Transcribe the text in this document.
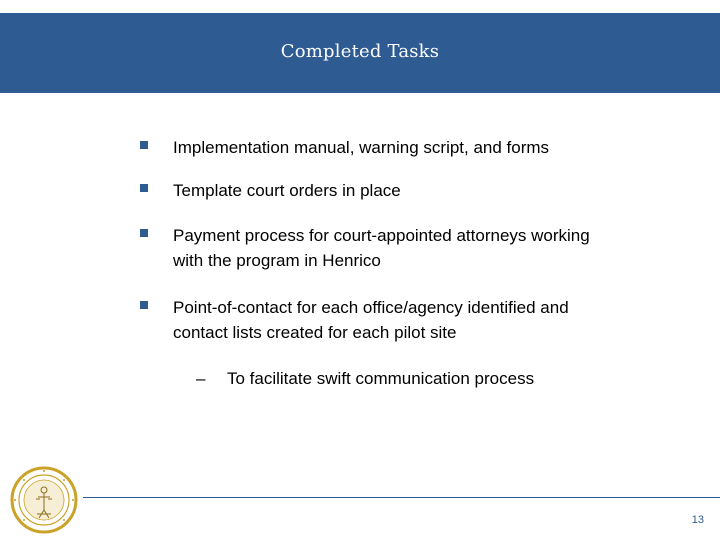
Completed Tasks
Implementation manual, warning script, and forms
Template court orders in place
Payment process for court-appointed attorneys working with the program in Henrico
Point-of-contact for each office/agency identified and contact lists created for each pilot site
– To facilitate swift communication process
13
